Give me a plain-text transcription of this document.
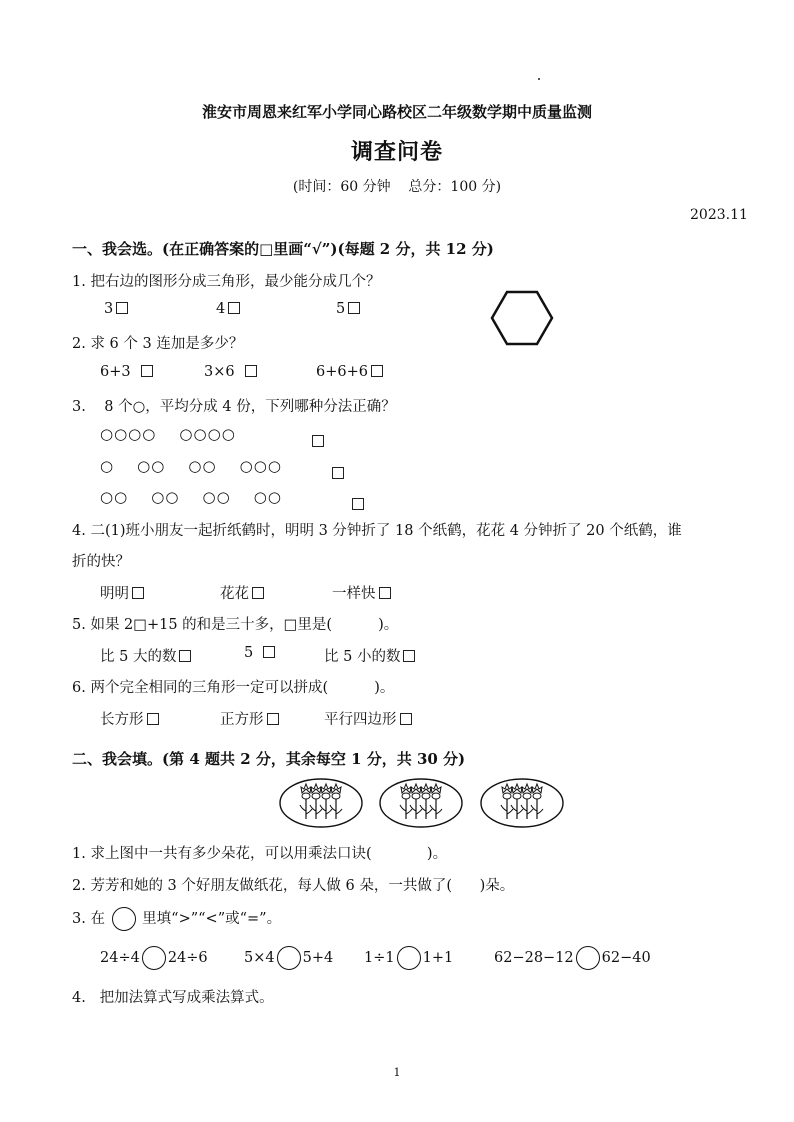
淮安市周恩来红军小学同心路校区二年级数学期中质量监测
调查问卷
(时间：60 分钟    总分：100 分)
2023.11
一、我会选。(在正确答案的□里画“√”)(每题 2 分，共 12 分)
1. 把右边的图形分成三角形，最少能分成几个？
3	4	5
2. 求 6 个 3 连加是多少？
6+3	3×6	6+6+6
3.    8 个○，平均分成 4 份，下列哪种分法正确？
○○○○    ○○○○

○    ○○    ○○    ○○○

○○    ○○    ○○    ○○
4. 二(1)班小朋友一起折纸鹤时，明明 3 分钟折了 18 个纸鹤，花花 4 分钟折了 20 个纸鹤，谁
折的快？
明明	花花	一样快
5. 如果 2□+15 的和是三十多，□里是(          )。
比 5 大的数	5	比 5 小的数
6. 两个完全相同的三角形一定可以拼成(          )。
长方形	正方形	平行四边形
二、我会填。(第 4 题共 2 分，其余每空 1 分，共 30 分)
1. 求上图中一共有多少朵花，可以用乘法口诀(            )。
2. 芳芳和她的 3 个好朋友做纸花，每人做 6 朵，一共做了(      )朵。
3. 在	里填“>”“<”或“=”。
24÷4 24÷6	5×4 5+4 1÷1 1+1	62−28−12 62−40
4.   把加法算式写成乘法算式。
1
